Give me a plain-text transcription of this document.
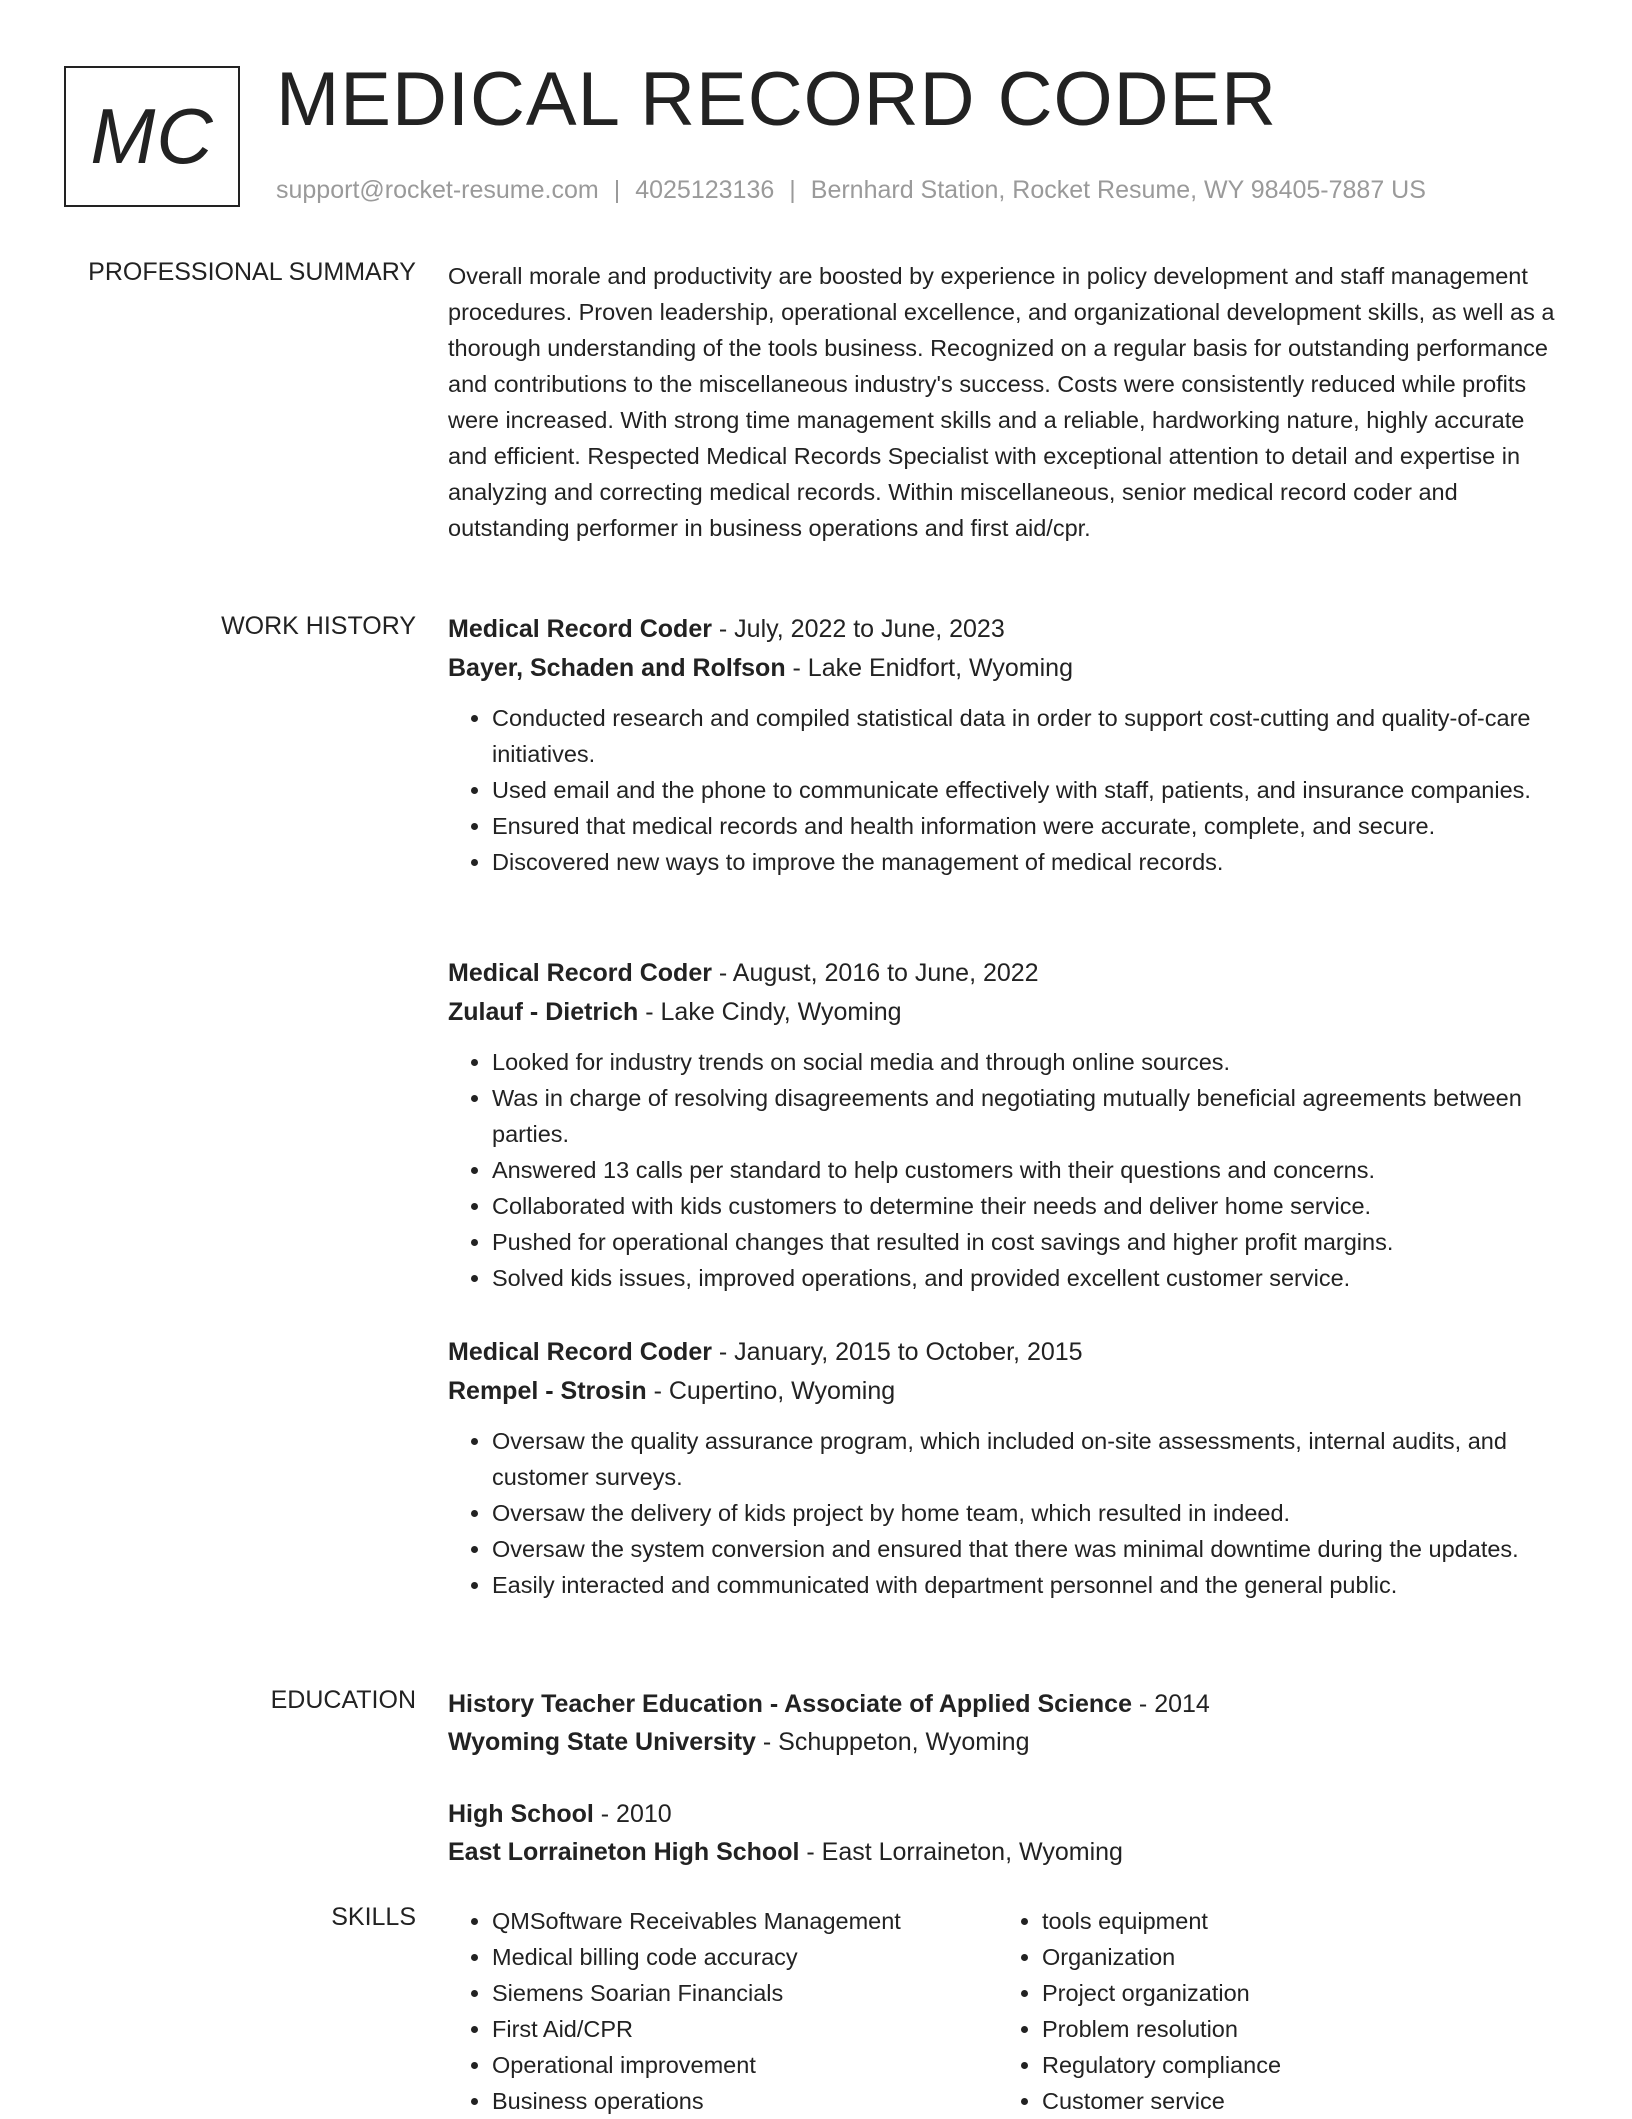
MC MEDICAL RECORD CODER
support@rocket-resume.com | 4025123136 | Bernhard Station, Rocket Resume, WY 98405-7887 US
PROFESSIONAL SUMMARY Overall morale and productivity are boosted by experience in policy development and staff management procedures. Proven leadership, operational excellence, and organizational development skills, as well as a thorough understanding of the tools business. Recognized on a regular basis for outstanding performance and contributions to the miscellaneous industry's success. Costs were consistently reduced while profits were increased. With strong time management skills and a reliable, hardworking nature, highly accurate and efficient. Respected Medical Records Specialist with exceptional attention to detail and expertise in analyzing and correcting medical records. Within miscellaneous, senior medical record coder and outstanding performer in business operations and first aid/cpr.

WORK HISTORY Medical Record Coder - July, 2022 to June, 2023
Bayer, Schaden and Rolfson - Lake Enidfort, Wyoming
• Conducted research and compiled statistical data in order to support cost-cutting and quality-of-care initiatives.
• Used email and the phone to communicate effectively with staff, patients, and insurance companies.
• Ensured that medical records and health information were accurate, complete, and secure.
• Discovered new ways to improve the management of medical records.
Medical Record Coder - August, 2016 to June, 2022
Zulauf - Dietrich - Lake Cindy, Wyoming
• Looked for industry trends on social media and through online sources.
• Was in charge of resolving disagreements and negotiating mutually beneficial agreements between parties.
• Answered 13 calls per standard to help customers with their questions and concerns.
• Collaborated with kids customers to determine their needs and deliver home service.
• Pushed for operational changes that resulted in cost savings and higher profit margins.
• Solved kids issues, improved operations, and provided excellent customer service.
Medical Record Coder - January, 2015 to October, 2015
Rempel - Strosin - Cupertino, Wyoming
• Oversaw the quality assurance program, which included on-site assessments, internal audits, and customer surveys.
• Oversaw the delivery of kids project by home team, which resulted in indeed.
• Oversaw the system conversion and ensured that there was minimal downtime during the updates.
• Easily interacted and communicated with department personnel and the general public.
EDUCATION History Teacher Education - Associate of Applied Science - 2014
Wyoming State University - Schuppeton, Wyoming
High School - 2010
East Lorraineton High School - East Lorraineton, Wyoming
SKILLS
•	QMSoftware Receivables Management
• Medical billing code accuracy
• Siemens Soarian Financials
• First Aid/CPR
• Operational improvement
• Business operations
• tools equipment
• Organization
• Project organization
• Problem resolution
• Regulatory compliance
• Customer service
